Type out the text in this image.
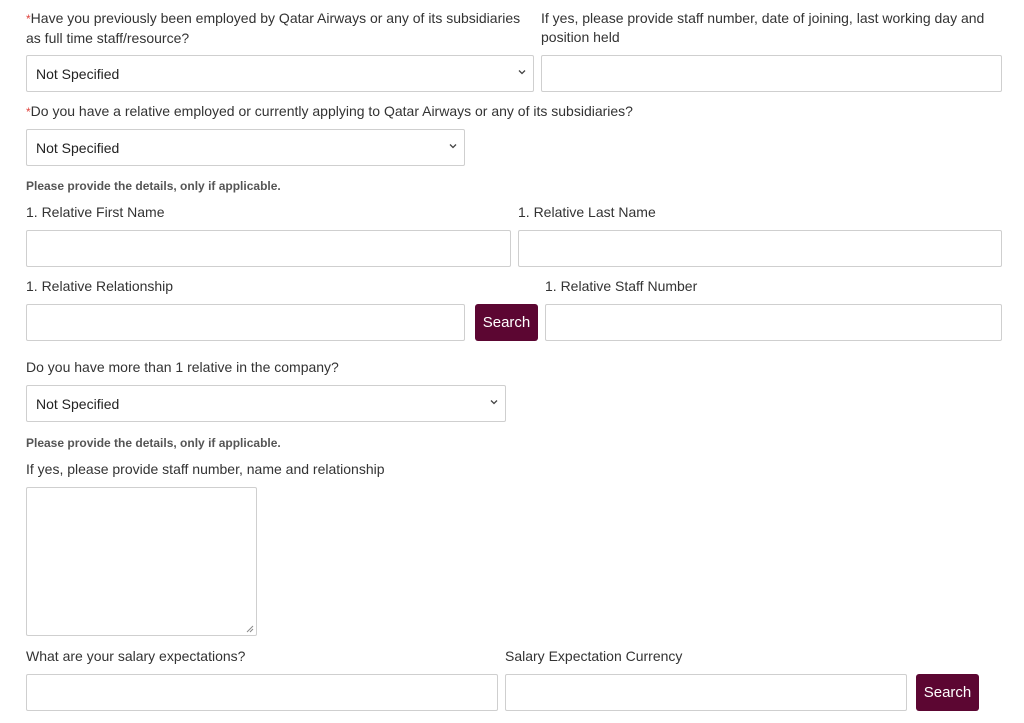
*Have you previously been employed by Qatar Airways or any of its subsidiaries as full time staff/resource?
If yes, please provide staff number, date of joining, last working day and position held
Not Specified
*Do you have a relative employed or currently applying to Qatar Airways or any of its subsidiaries?
Not Specified
Please provide the details, only if applicable.
1. Relative First Name	1. Relative Last Name
1. Relative Relationship	1. Relative Staff Number
Search
Do you have more than 1 relative in the company?
Not Specified
Please provide the details, only if applicable.
If yes, please provide staff number, name and relationship
What are your salary expectations?	Salary Expectation Currency
Search
